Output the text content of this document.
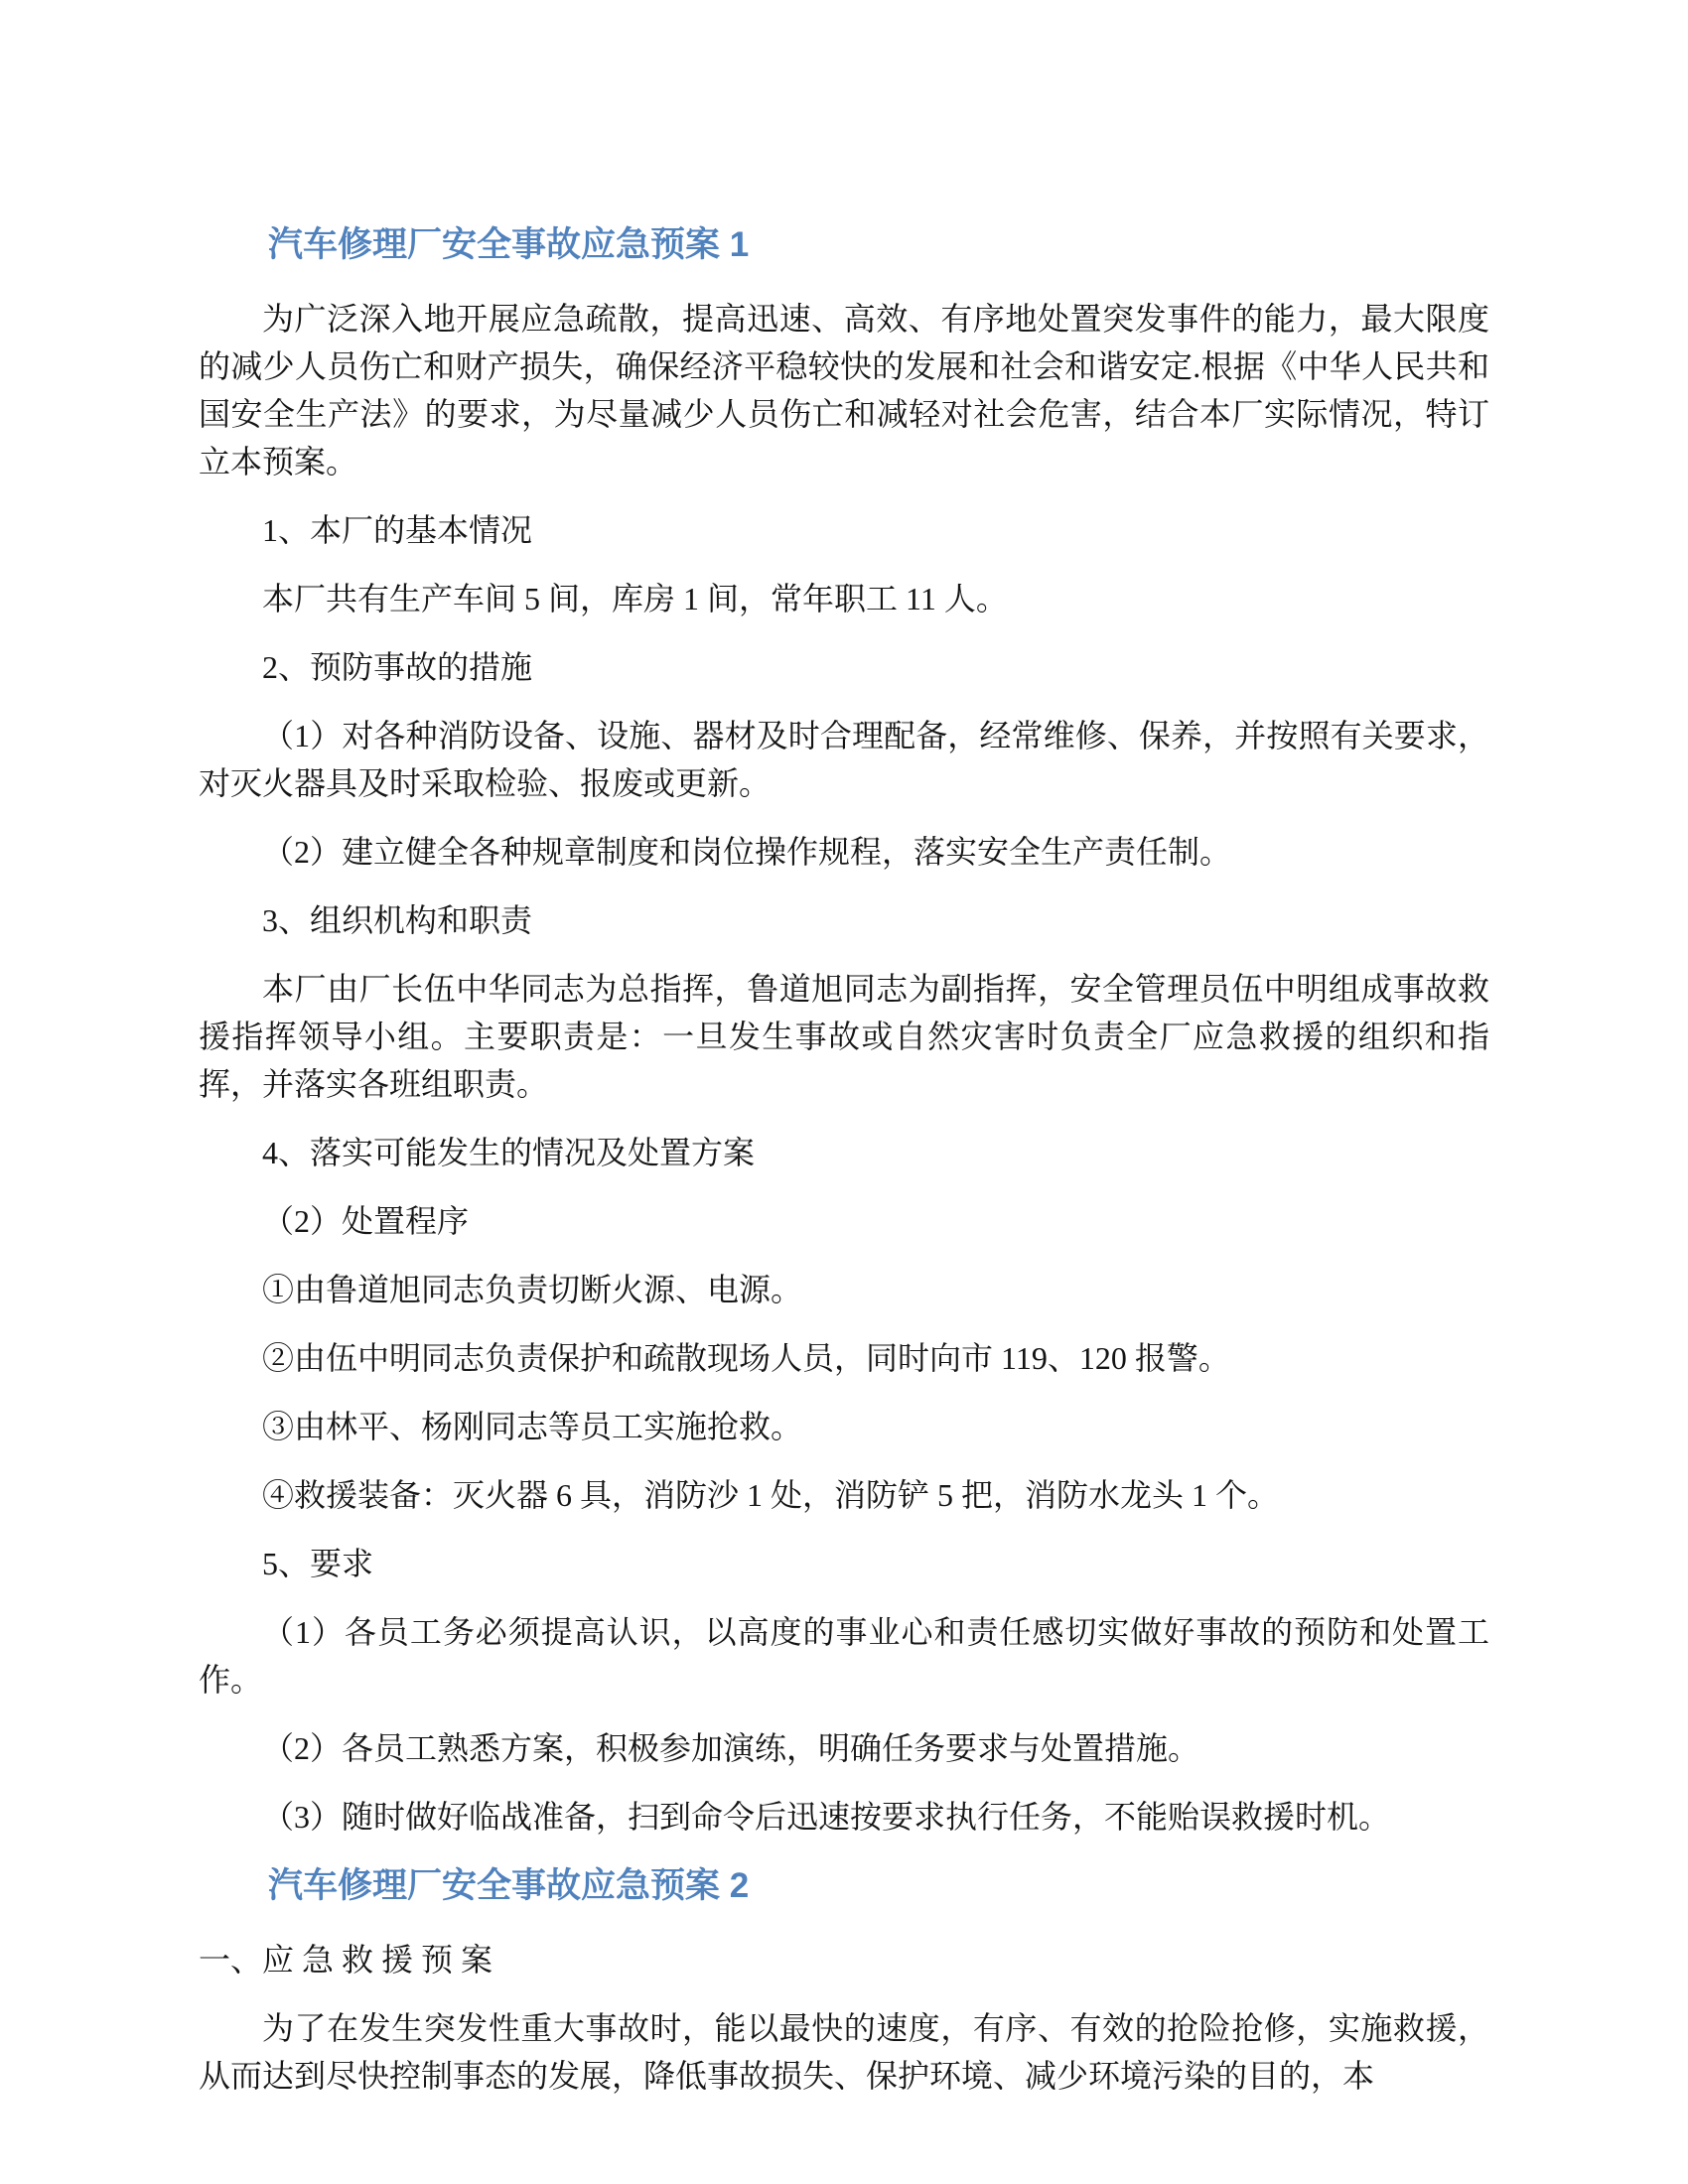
汽车修理厂安全事故应急预案 1

为广泛深入地开展应急疏散，提高迅速、高效、有序地处置突发事件的能力，最大限度的减少人员伤亡和财产损失，确保经济平稳较快的发展和社会和谐安定.根据《中华人民共和国安全生产法》的要求，为尽量减少人员伤亡和减轻对社会危害，结合本厂实际情况，特订立本预案。

1、本厂的基本情况

本厂共有生产车间 5 间，库房 1 间，常年职工 11 人。

2、预防事故的措施

（1）对各种消防设备、设施、器材及时合理配备，经常维修、保养，并按照有关要求，对灭火器具及时采取检验、报废或更新。

（2）建立健全各种规章制度和岗位操作规程，落实安全生产责任制。

3、组织机构和职责

本厂由厂长伍中华同志为总指挥，鲁道旭同志为副指挥，安全管理员伍中明组成事故救援指挥领导小组。主要职责是：一旦发生事故或自然灾害时负责全厂应急救援的组织和指挥，并落实各班组职责。

4、落实可能发生的情况及处置方案

（2）处置程序

①由鲁道旭同志负责切断火源、电源。

②由伍中明同志负责保护和疏散现场人员，同时向市 119、120 报警。

③由林平、杨刚同志等员工实施抢救。

④救援装备：灭火器 6 具，消防沙 1 处，消防铲 5 把，消防水龙头 1 个。

5、要求

（1）各员工务必须提高认识，以高度的事业心和责任感切实做好事故的预防和处置工作。

（2）各员工熟悉方案，积极参加演练，明确任务要求与处置措施。

（3）随时做好临战准备，扫到命令后迅速按要求执行任务，不能贻误救援时机。

汽车修理厂安全事故应急预案 2

一、应 急 救 援 预 案

为了在发生突发性重大事故时，能以最快的速度，有序、有效的抢险抢修，实施救援，从而达到尽快控制事态的发展，降低事故损失、保护环境、减少环境污染的目的，本
